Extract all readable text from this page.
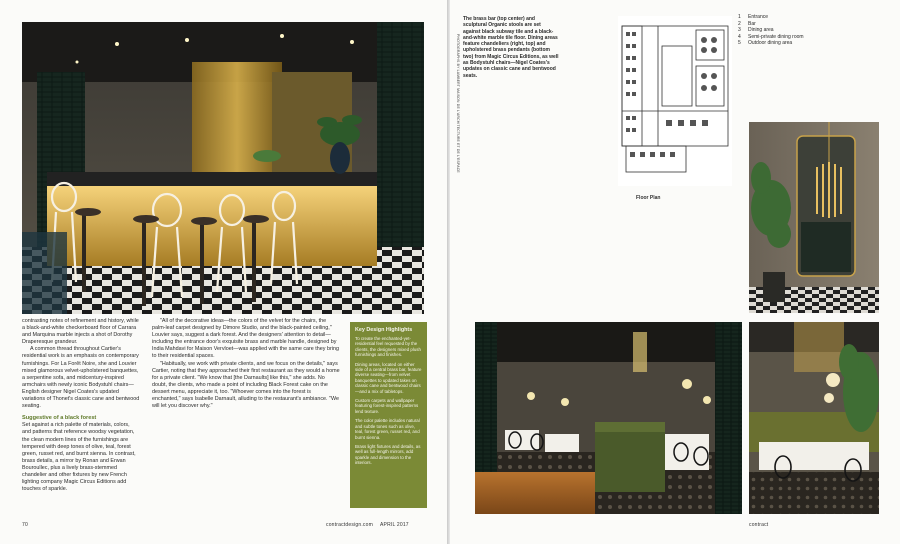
contrasting notes of refinement and history, while a black-and-white checkerboard floor of Carrara and Marquina marble injects a shot of Dorothy Draperesque grandeur.

A common thread throughout Cartier's residential work is an emphasis on contemporary furnishings. For La Forêt Noire, she and Louvier mixed glamorous velvet-upholstered banquettes, a serpentine sofa, and midcentury-inspired armchairs with newly iconic Bodystuhl chairs—English designer Nigel Coates's updated variations of Thonet's classic cane and bentwood seating.

Suggestive of a black forest

Set against a rich palette of materials, colors, and patterns that reference woodsy vegetation, the clean modern lines of the furnishings are tempered with deep tones of olive, teal, forest green, russet red, and burnt sienna. In contrast, brass details, a mirror by Ronan and Erwan Bouroullec, plus a lively brass-stemmed chandelier and other fixtures by new French lighting company Magic Circus Editions add touches of sparkle.

"All of the decorative ideas—the colors of the velvet for the chairs, the palm-leaf carpet designed by Dimore Studio, and the black-painted ceiling," Louvier says, suggest a dark forest. And the designers' attention to detail—including the entrance door's exquisite brass and marble handle, designed by India Mahdavi for Maison Vervloet—was applied with the same care they bring to their residential spaces.

"Habitually, we work with private clients, and we focus on the details," says Cartier, noting that they approached their first restaurant as they would a home for a private client. "We know that [the Darnaults] like this," she adds. No doubt, the clients, who made a point of including Black Forest cake on the dessert menu, appreciate it, too. "Whoever comes into the forest is enchanted," says Isabelle Darnault, alluding to the restaurant's ambiance. "We will let you discover why."

Key Design Highlights
To create the enchanted-yet-residential feel requested by the clients, the designers mixed plush furnishings and finishes.
Dining areas, located on either side of a central brass bar, feature diverse seating—from velvet banquettes to updated takes on classic cane and bentwood chairs—and a mix of tabletops.
Custom carpets and wallpaper featuring forest-inspired patterns lend texture.
The color palette includes natural and subtle tones such as olive, teal, forest green, russet red, and burnt sienna.
Brass light fixtures and details, as well as full-length mirrors, add sparkle and dimension to the interiors.
70	contractdesign.com APRIL 2017
PHOTOGRAPHS BY LAMBERT MAISON DE L'ARCHITECTURE ET DE L'ESPACE
The brass bar (top center) and sculptural Organic stools are set against black subway tile and a black-and-white marble tile floor. Dining areas feature chandeliers (right, top) and upholstered brass pendants (bottom two) from Magic Circus Editions, as well as Bodystuhl chairs—Nigel Coates's updates on classic cane and bentwood seats.
Floor Plan
1 Entrance
2 Bar
3 Dining area
4 Semi-private dining room
5 Outdoor dining area
contract
